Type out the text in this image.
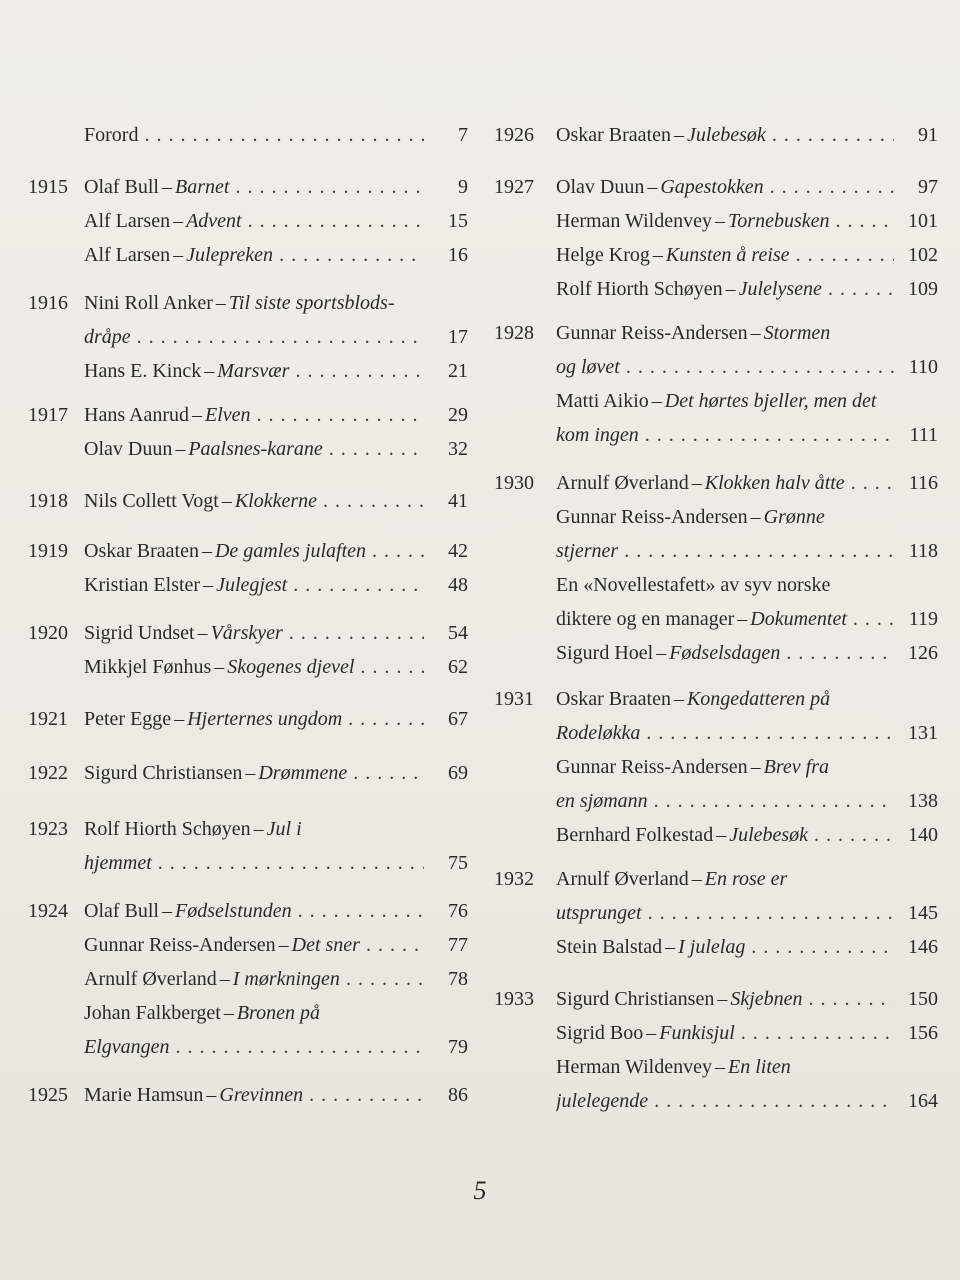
Forord . . .	7
1915 Olaf Bull – Barnet . . .	9
Alf Larsen – Advent . . .	15
Alf Larsen – Julepreken . . .	16
1916 Nini Roll Anker – Til siste sportsblods-
dråpe . . .	17
Hans E. Kinck – Marsvær . . .	21
1917 Hans Aanrud – Elven . . .	29
Olav Duun – Paalsnes-karane . . .	32
1918 Nils Collett Vogt – Klokkerne . . .	41
1919 Oskar Braaten – De gamles julaften . . .	42
Kristian Elster – Julegjest . . .	48
1920 Sigrid Undset – Vårskyer . . .	54
Mikkjel Fønhus – Skogenes djevel . . .	62
1921 Peter Egge – Hjerternes ungdom . . .	67
1922 Sigurd Christiansen – Drømmene . . .	69
1923 Rolf Hiorth Schøyen – Jul i
hjemmet . . .	75
1924 Olaf Bull – Fødselstunden . . .	76
Gunnar Reiss-Andersen – Det sner . . .	77
Arnulf Øverland – I mørkningen . . .	78
Johan Falkberget – Bronen på
Elgvangen . . .	79
1925 Marie Hamsun – Grevinnen . . .	86
1926	Oskar Braaten – Julebesøk . . .	91
1927	Olav Duun – Gapestokken . . .	97
Herman Wildenvey – Tornebusken . . .	101
Helge Krog – Kunsten å reise . . .	102
Rolf Hiorth Schøyen – Julelysene . . .	109
1928	Gunnar Reiss-Andersen – Stormen
og løvet . . .	110
Matti Aikio – Det hørtes bjeller, men det
kom ingen . . .	111
1930	Arnulf Øverland – Klokken halv åtte . . .	116
Gunnar Reiss-Andersen – Grønne
stjerner . . .	118
En «Novellestafett» av syv norske
diktere og en manager – Dokumentet . . .	119
Sigurd Hoel – Fødselsdagen . . .	126
1931	Oskar Braaten – Kongedatteren på
Rodeløkka . . .	131
Gunnar Reiss-Andersen – Brev fra
en sjømann . . .	138
Bernhard Folkestad – Julebesøk . . .	140
1932	Arnulf Øverland – En rose er
utsprunget . . .	145
Stein Balstad – I julelag . . .	146
1933	Sigurd Christiansen – Skjebnen . . .	150
Sigrid Boo – Funkisjul . . .	156
Herman Wildenvey – En liten
julelegende . . .	164
5
